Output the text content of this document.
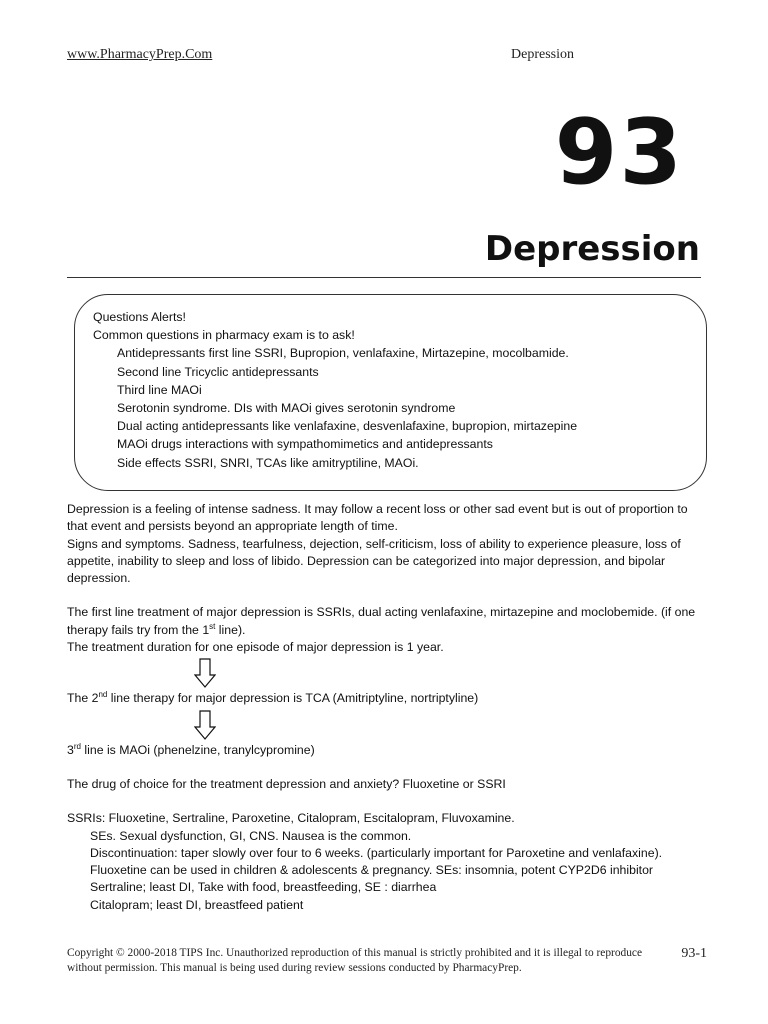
www.PharmacyPrep.Com	Depression
93
Depression
Questions Alerts!
Common questions in pharmacy exam is to ask!
Antidepressants first line SSRI, Bupropion, venlafaxine, Mirtazepine, mocolbamide.
Second line Tricyclic antidepressants
Third line MAOi
Serotonin syndrome. DIs with MAOi gives serotonin syndrome
Dual acting antidepressants like venlafaxine, desvenlafaxine, bupropion, mirtazepine
MAOi drugs interactions with sympathomimetics and antidepressants
Side effects SSRI, SNRI, TCAs like amitryptiline, MAOi.

Depression is a feeling of intense sadness. It may follow a recent loss or other sad event but is out of proportion to that event and persists beyond an appropriate length of time.

Signs and symptoms. Sadness, tearfulness, dejection, self-criticism, loss of ability to experience pleasure, loss of appetite, inability to sleep and loss of libido. Depression can be categorized into major depression, and bipolar depression.

The first line treatment of major depression is SSRIs, dual acting venlafaxine, mirtazepine and moclobemide. (if one therapy fails try from the 1st line).

The treatment duration for one episode of major depression is 1 year.

The 2nd line therapy for major depression is TCA (Amitriptyline, nortriptyline)

3rd line is MAOi (phenelzine, tranylcypromine)

The drug of choice for the treatment depression and anxiety? Fluoxetine or SSRI

SSRIs: Fluoxetine, Sertraline, Paroxetine, Citalopram, Escitalopram, Fluvoxamine.

SEs. Sexual dysfunction, GI, CNS. Nausea is the common.

Discontinuation: taper slowly over four to 6 weeks. (particularly important for Paroxetine and venlafaxine).

Fluoxetine can be used in children & adolescents & pregnancy. SEs: insomnia, potent CYP2D6 inhibitor

Sertraline; least DI, Take with food, breastfeeding, SE : diarrhea

Citalopram; least DI, breastfeed patient

Copyright © 2000-2018 TIPS Inc. Unauthorized reproduction of this manual is strictly prohibited and it is illegal to reproduce without permission. This manual is being used during review sessions conducted by PharmacyPrep.
93-1
